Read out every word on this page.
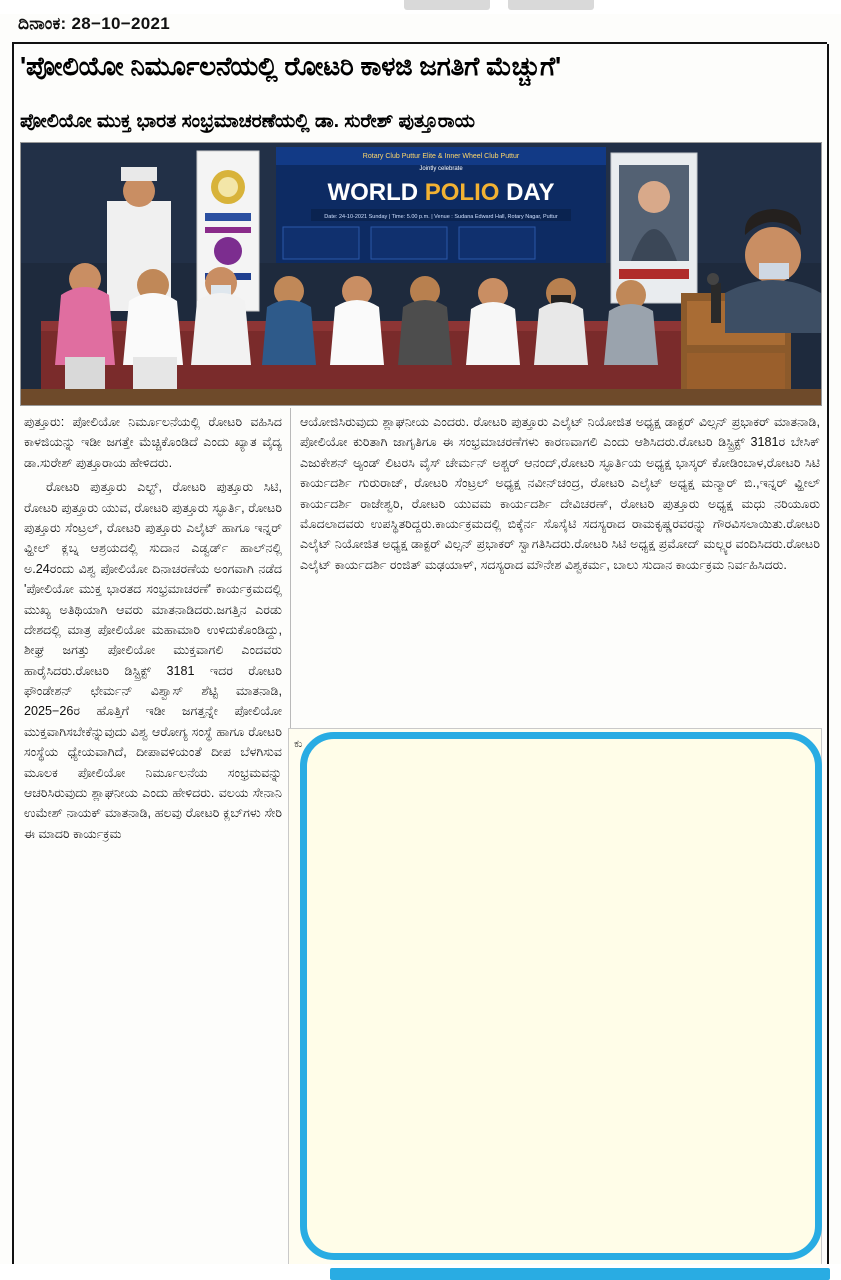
ದಿನಾಂಕ: 28−10−2021
'ಪೋಲಿಯೋ ನಿರ್ಮೂಲನೆಯಲ್ಲಿ ರೋಟರಿ ಕಾಳಜಿ ಜಗತಿಗೆ ಮೆಚ್ಚುಗೆ'
ಪೋಲಿಯೋ ಮುಕ್ತ ಭಾರತ ಸಂಭ್ರಮಾಚರಣೆಯಲ್ಲಿ ಡಾ. ಸುರೇಶ್ ಪುತ್ತೂರಾಯ
Rotary Club Puttur Elite & Inner Wheel Club Puttur
Jointly celebrate
WORLD POLIO DAY
Date: 24-10-2021 Sunday | Time: 5.00 p.m. | Venue : Sudana Edward Hall, Rotary Nagar, Puttur

ಪುತ್ತೂರು: ಪೋಲಿಯೋ ನಿರ್ಮೂಲನೆಯಲ್ಲಿ ರೋಟರಿ ವಹಿಸಿದ ಕಾಳಜಿಯನ್ನು ಇಡೀ ಜಗತ್ತೇ ಮೆಚ್ಚಿಕೊಂಡಿದೆ ಎಂದು ಖ್ಯಾತ ವೈದ್ಯ ಡಾ.ಸುರೇಶ್ ಪುತ್ತೂರಾಯ ಹೇಳಿದರು.

ರೋಟರಿ ಪುತ್ತೂರು ಎಲ್ಟ್, ರೋಟರಿ ಪುತ್ತೂರು ಸಿಟಿ, ರೋಟರಿ ಪುತ್ತೂರು ಯುವ, ರೋಟರಿ ಪುತ್ತೂರು ಸ್ಫೂರ್ತಿ, ರೋಟರಿ ಪುತ್ತೂರು ಸೆಂಟ್ರಲ್, ರೋಟರಿ ಪುತ್ತೂರು ಎಲೈಟ್ ಹಾಗೂ ಇನ್ನರ್ ವ್ಹೀಲ್ ಕ್ಲಬ್ನ ಆಶ್ರಯದಲ್ಲಿ ಸುದಾನ ಎಡ್ವರ್ಡ್ ಹಾಲ್‌ನಲ್ಲಿ ಅ.24ರಂದು ವಿಶ್ವ ಪೋಲಿಯೋ ದಿನಾಚರಣೆಯ ಅಂಗವಾಗಿ ನಡೆದ 'ಪೋಲಿಯೋ ಮುಕ್ತ ಭಾರತದ ಸಂಭ್ರಮಾಚರಣೆ' ಕಾರ್ಯಕ್ರಮದಲ್ಲಿ ಮುಖ್ಯ ಅತಿಥಿಯಾಗಿ ಆವರು ಮಾತನಾಡಿದರು.ಜಗತ್ತಿನ ಎರಡು ದೇಶದಲ್ಲಿ ಮಾತ್ರ ಪೋಲಿಯೋ ಮಹಾಮಾರಿ ಉಳಿದುಕೊಂಡಿದ್ದು, ಶೀಘ್ರ ಜಗತ್ತು ಪೋಲಿಯೋ ಮುಕ್ತವಾಗಲಿ ಎಂದವರು ಹಾರೈಸಿದರು.ರೋಟರಿ ಡಿಸ್ಟ್ರಿಕ್ಟ್ 3181 ಇದರ ರೋಟರಿ ಫೌಂಡೇಶನ್ ಛೇರ್ಮನ್ ವಿಶ್ವಾಸ್ ಶೆಟ್ಟಿ ಮಾತನಾಡಿ, 2025−26ರ ಹೊತ್ತಿಗೆ ಇಡೀ ಜಗತ್ತನ್ನೇ ಪೋಲಿಯೋ ಮುಕ್ತವಾಗಿಸಬೇಕೆನ್ನುವುದು ವಿಶ್ವ ಆರೋಗ್ಯ ಸಂಸ್ಥೆ ಹಾಗೂ ರೋಟರಿ ಸಂಸ್ಥೆಯ ಧ್ಯೇಯವಾಗಿದೆ, ದೀಪಾವಳಿಯಂತೆ ದೀಪ ಬೆಳಗಿಸುವ ಮೂಲಕ ಪೋಲಿಯೋ ನಿರ್ಮೂಲನೆಯ ಸಂಭ್ರಮವನ್ನು ಆಚರಿಸಿರುವುದು ಶ್ಲಾಘನೀಯ ಎಂದು ಹೇಳಿದರು. ವಲಯ ಸೇನಾನಿ ಉಮೇಶ್ ನಾಯಕ್ ಮಾತನಾಡಿ, ಹಲವು ರೋಟರಿ ಕ್ಲಬ್‌ಗಳು ಸೇರಿ ಈ ಮಾದರಿ ಕಾರ್ಯಕ್ರಮ

ಆಯೋಜಿಸಿರುವುದು ಶ್ಲಾಘನೀಯ ಎಂದರು. ರೋಟರಿ ಪುತ್ತೂರು ಎಲೈಟ್ ನಿಯೋಜಿತ ಅಧ್ಯಕ್ಷ ಡಾಕ್ಟರ್ ವಿಲ್ಸನ್ ಪ್ರಭಾಕರ್ ಮಾತನಾಡಿ, ಪೋಲಿಯೋ ಕುರಿತಾಗಿ ಜಾಗೃತಿಗೂ ಈ ಸಂಭ್ರಮಾಚರಣೆಗಳು ಕಾರಣವಾಗಲಿ ಎಂದು ಆಶಿಸಿದರು.ರೋಟರಿ ಡಿಸ್ಟ್ರಿಕ್ಟ್ 3181ರ ಬೇಸಿಕ್ ಎಜುಕೇಶನ್ ಅ್ಯಂಡ್ ಲಿಟರಸಿ ವೈಸ್ ಚೇರ್ಮನ್ ಅಶ್ಚರ್ ಆನಂದ್,ರೋಟರಿ ಸ್ಫೂರ್ತಿಯ ಅಧ್ಯಕ್ಷ ಭಾಸ್ಕರ್ ಕೋಡಿಂಬಾಳ,ರೋಟರಿ ಸಿಟಿ ಕಾರ್ಯದರ್ಶಿ ಗುರುರಾಜ್, ರೋಟರಿ ಸೆಂಟ್ರಲ್ ಅಧ್ಯಕ್ಷ ನವೀನ್‌ಚಂದ್ರ, ರೋಟರಿ ಎಲೈಟ್ ಅಧ್ಯಕ್ಷ ಮನ್ಮಾರ್ ಬಿ.,ಇನ್ನರ್ ವ್ಹೀಲ್ ಕಾರ್ಯದರ್ಶಿ ರಾಜೇಶ್ವರಿ, ರೋಟರಿ ಯುವಮ ಕಾರ್ಯದರ್ಶಿ ದೇವಿಚರಣ್, ರೋಟರಿ ಪುತ್ತೂರು ಅಧ್ಯಕ್ಷ ಮಧು ನರಿಯೂರು ಮೊದಲಾದವರು ಉಪಸ್ಥಿತರಿದ್ದರು.ಕಾರ್ಯಕ್ರಮದಲ್ಲಿ ಬಿಕ್ಕೆರ್ನ ಸೊಸೈಟಿ ಸದಸ್ಯರಾದ ರಾಮಕೃಷ್ಣರವರನ್ನು ಗೌರವಿಸಲಾಯಿತು.ರೋಟರಿ ಎಲೈಟ್ ನಿಯೋಜಿತ ಅಧ್ಯಕ್ಷ ಡಾಕ್ಟರ್ ವಿಲ್ಸನ್ ಪ್ರಭಾಕರ್ ಸ್ವಾಗತಿಸಿದರು.ರೋಟರಿ ಸಿಟಿ ಅಧ್ಯಕ್ಷ ಪ್ರಮೋದ್ ಮಲ್ಲ್ಯರ ವಂದಿಸಿದರು.ರೋಟರಿ ಎಲೈಟ್ ಕಾರ್ಯದರ್ಶಿ ರಂಜಿತ್ ಮಢಯಾಳ್, ಸದಸ್ಯರಾದ ಮೌನೇಶ ವಿಶ್ವಕರ್ಮ, ಬಾಲು ಸುದಾನ ಕಾರ್ಯಕ್ರಮ ನಿರ್ವಹಿಸಿದರು.

ಕು
